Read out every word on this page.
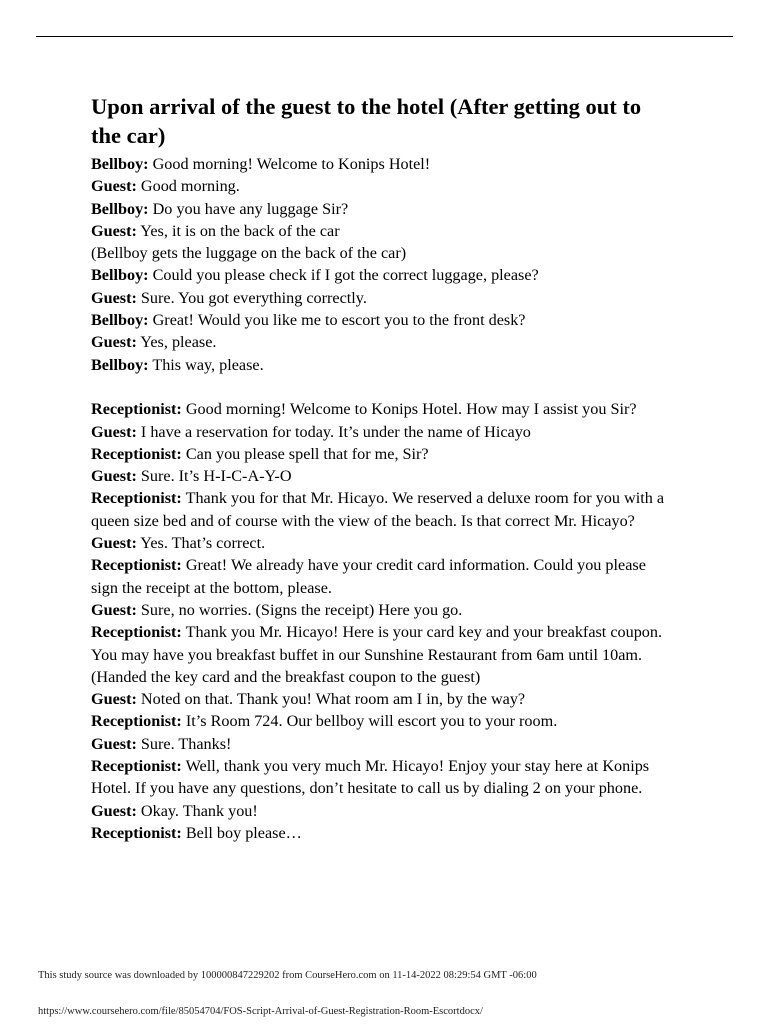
Upon arrival of the guest to the hotel (After getting out to the car)
Bellboy: Good morning! Welcome to Konips Hotel!
Guest: Good morning.
Bellboy: Do you have any luggage Sir?
Guest: Yes, it is on the back of the car
(Bellboy gets the luggage on the back of the car)
Bellboy: Could you please check if I got the correct luggage, please?
Guest: Sure. You got everything correctly.
Bellboy: Great! Would you like me to escort you to the front desk?
Guest: Yes, please.
Bellboy: This way, please.
Receptionist: Good morning! Welcome to Konips Hotel. How may I assist you Sir?
Guest: I have a reservation for today. It’s under the name of Hicayo
Receptionist: Can you please spell that for me, Sir?
Guest: Sure. It’s H-I-C-A-Y-O
Receptionist: Thank you for that Mr. Hicayo. We reserved a deluxe room for you with a queen size bed and of course with the view of the beach. Is that correct Mr. Hicayo?
Guest: Yes. That’s correct.
Receptionist: Great! We already have your credit card information. Could you please sign the receipt at the bottom, please.
Guest: Sure, no worries. (Signs the receipt) Here you go.
Receptionist: Thank you Mr. Hicayo! Here is your card key and your breakfast coupon. You may have you breakfast buffet in our Sunshine Restaurant from 6am until 10am. (Handed the key card and the breakfast coupon to the guest)
Guest: Noted on that. Thank you! What room am I in, by the way?
Receptionist: It’s Room 724. Our bellboy will escort you to your room.
Guest: Sure. Thanks!
Receptionist: Well, thank you very much Mr. Hicayo! Enjoy your stay here at Konips Hotel. If you have any questions, don’t hesitate to call us by dialing 2 on your phone.
Guest: Okay. Thank you!
Receptionist: Bell boy please…
This study source was downloaded by 100000847229202 from CourseHero.com on 11-14-2022 08:29:54 GMT -06:00
https://www.coursehero.com/file/85054704/FOS-Script-Arrival-of-Guest-Registration-Room-Escortdocx/
